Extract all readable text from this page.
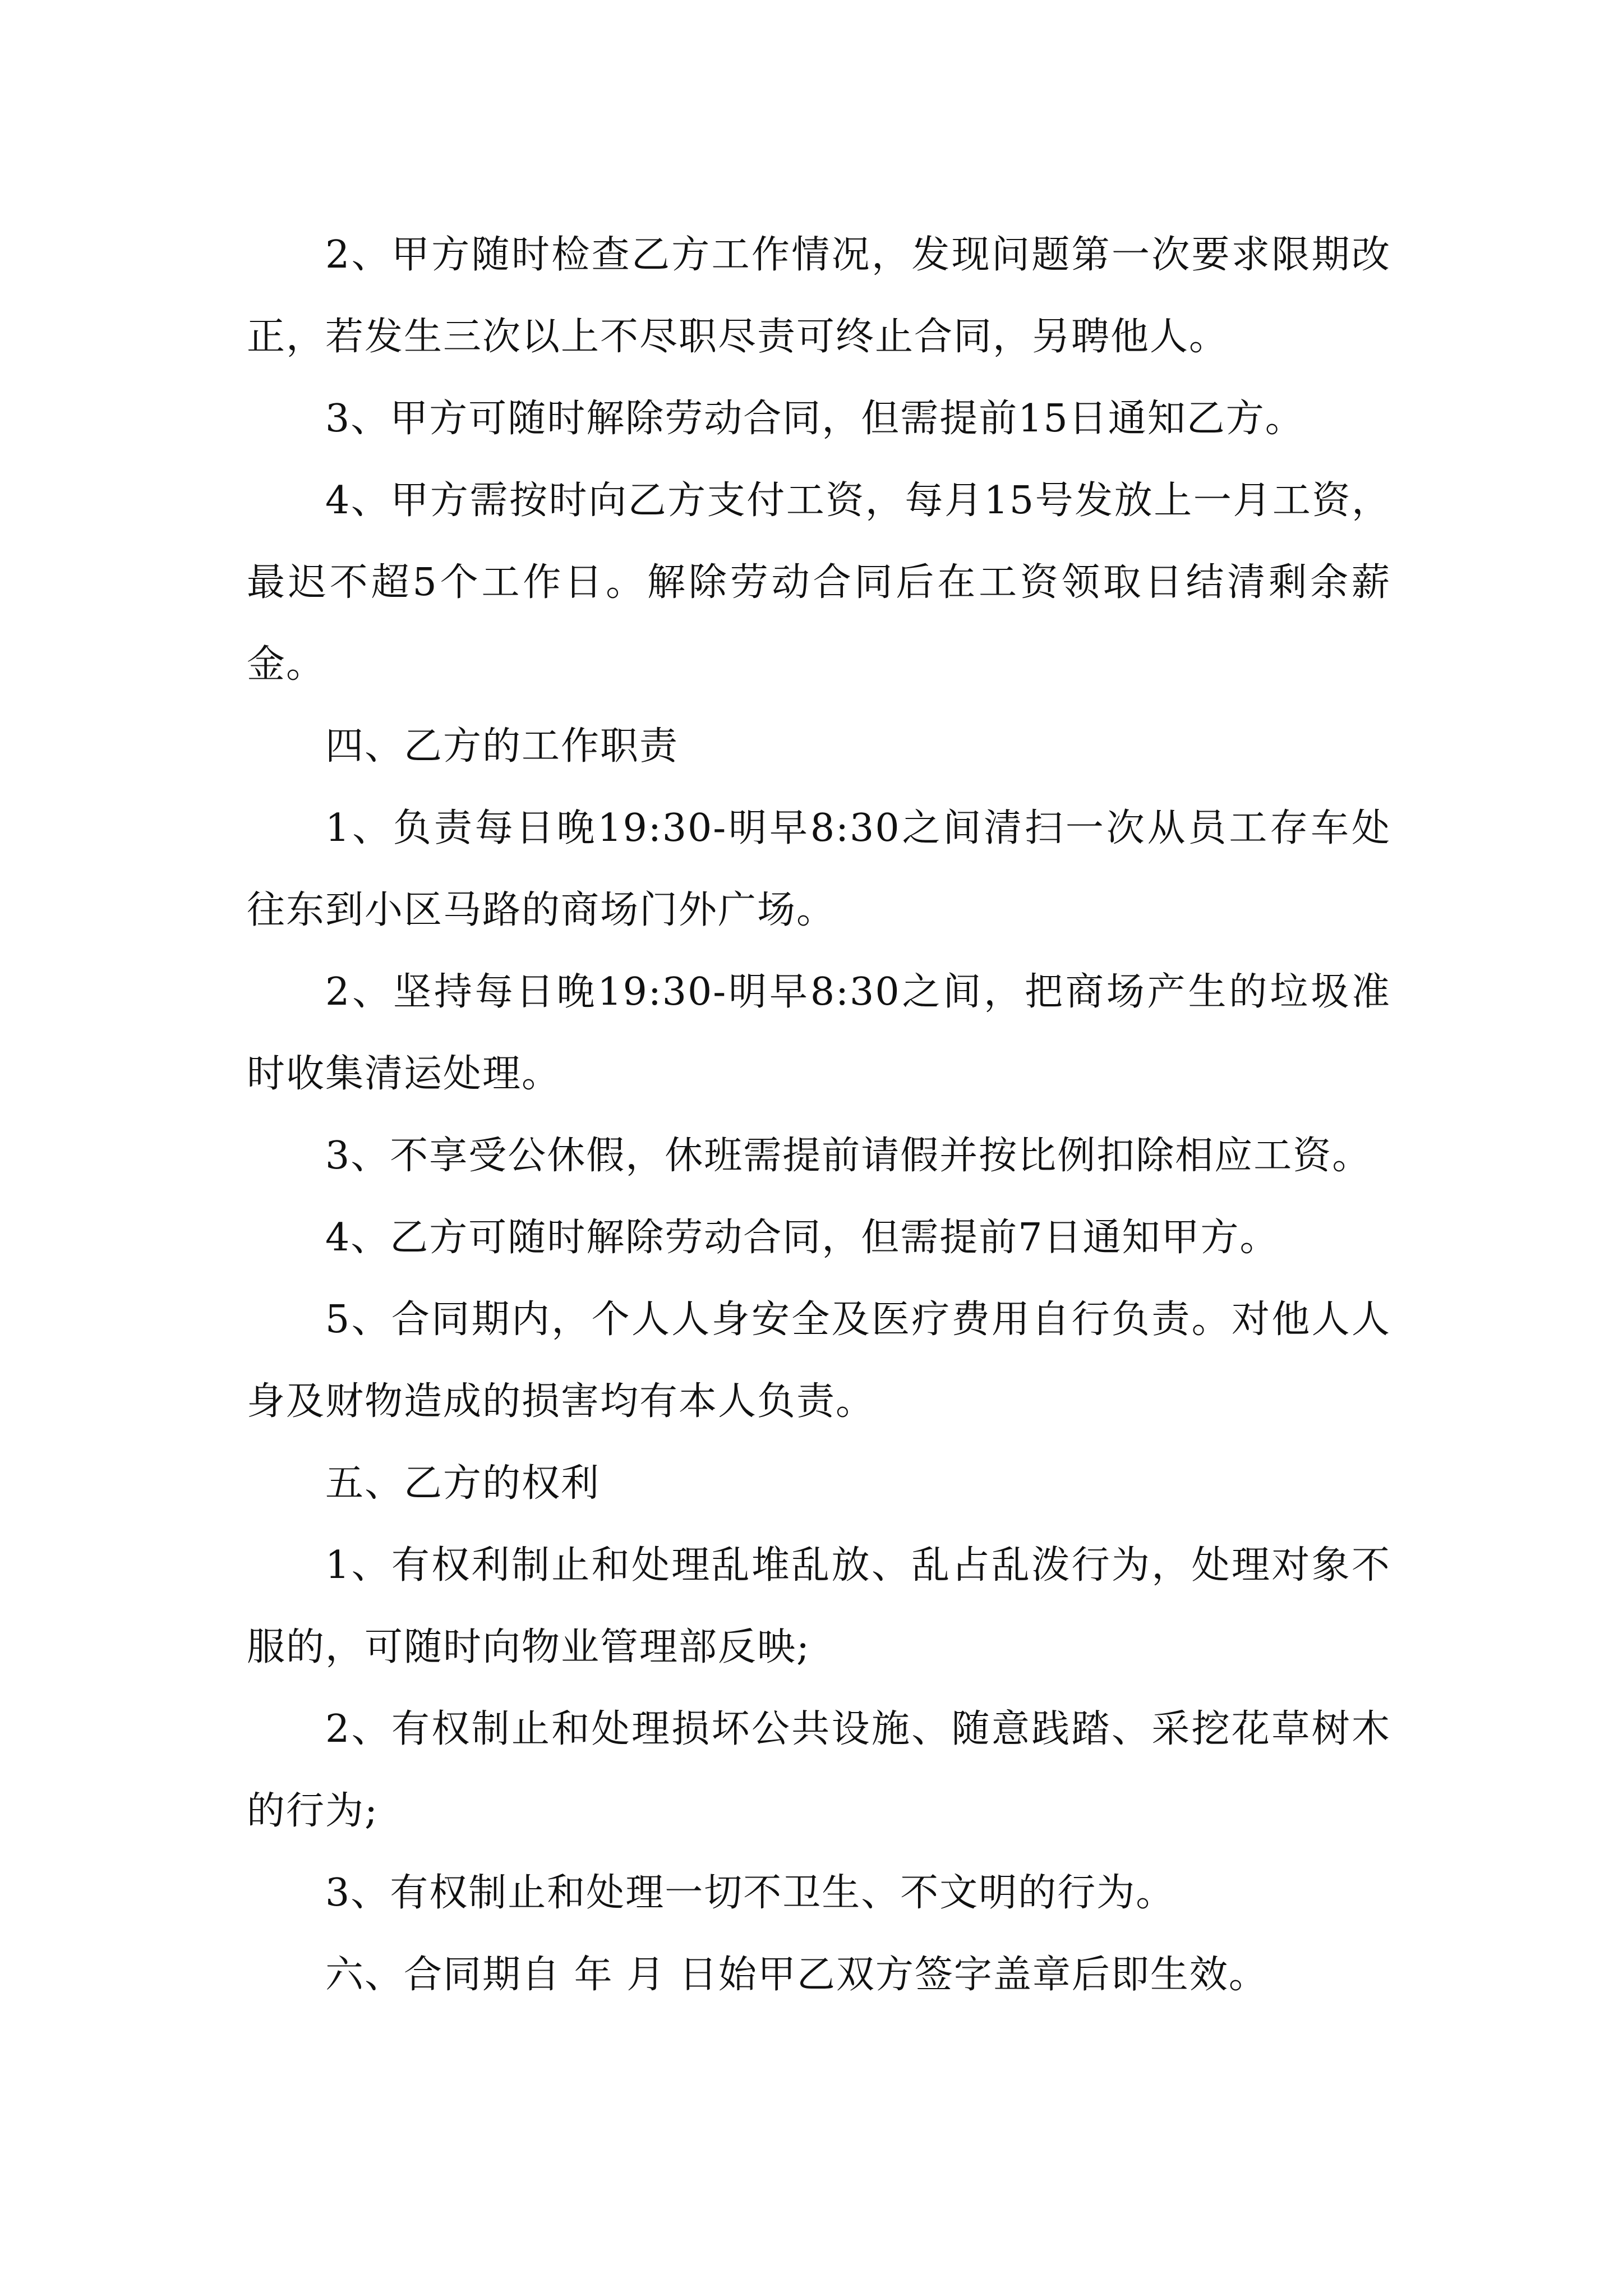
2、甲方随时检查乙方工作情况，发现问题第一次要求限期改正，若发生三次以上不尽职尽责可终止合同，另聘他人。

3、甲方可随时解除劳动合同，但需提前15日通知乙方。

4、甲方需按时向乙方支付工资，每月15号发放上一月工资，最迟不超5个工作日。解除劳动合同后在工资领取日结清剩余薪金。

四、乙方的工作职责

1、负责每日晚19:30-明早8:30之间清扫一次从员工存车处往东到小区马路的商场门外广场。

2、坚持每日晚19:30-明早8:30之间，把商场产生的垃圾准时收集清运处理。

3、不享受公休假，休班需提前请假并按比例扣除相应工资。

4、乙方可随时解除劳动合同，但需提前7日通知甲方。

5、合同期内，个人人身安全及医疗费用自行负责。对他人人身及财物造成的损害均有本人负责。

五、乙方的权利

1、有权利制止和处理乱堆乱放、乱占乱泼行为，处理对象不服的，可随时向物业管理部反映;

2、有权制止和处理损坏公共设施、随意践踏、采挖花草树木的行为;

3、有权制止和处理一切不卫生、不文明的行为。

六、合同期自 年 月 日始甲乙双方签字盖章后即生效。
